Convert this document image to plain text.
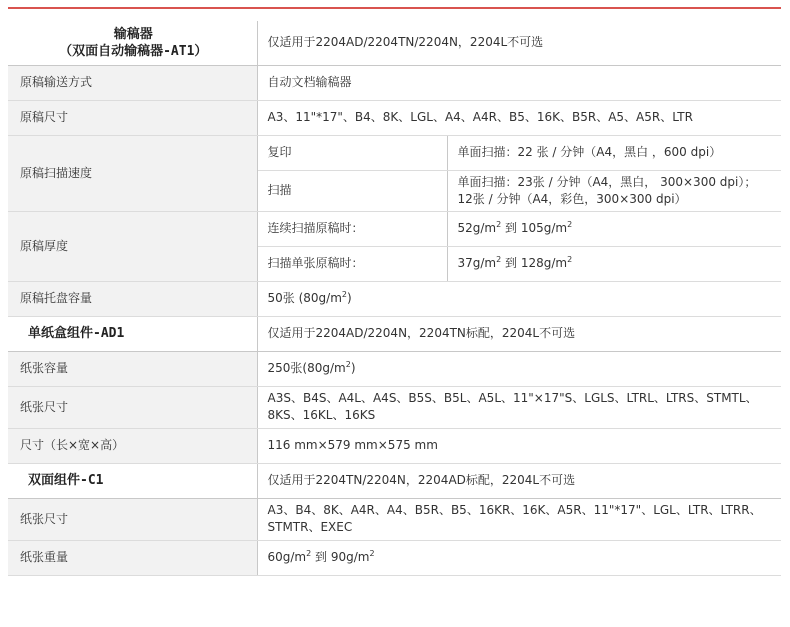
输稿器
（双面自动输稿器-AT1）	仅适用于2204AD/2204TN/2204N，2204L不可选	
原稿输送方式	自动文档输稿器	
原稿尺寸	A3、11"*17"、B4、8K、LGL、A4、A4R、B5、16K、B5R、A5、A5R、LTR	
原稿扫描速度	复印	单面扫描：22 张 / 分钟（A4，黑白 ，600 dpi）
	扫描	单面扫描：23张 / 分钟（A4，黑白， 300×300 dpi）；12张 / 分钟（A4，彩色，300×300 dpi）
原稿厚度	连续扫描原稿时：	$52g/m^2$ 到 $105g/m^2$
	扫描单张原稿时：	$37g/m^2$ 到 $128g/m^2$
原稿托盘容量	50张 $(80g/m^2)$	
单纸盒组件-AD1	仅适用于2204AD/2204N，2204TN标配，2204L不可选	
纸张容量	250张$(80g/m^2)$	
纸张尺寸	A3S、B4S、A4L、A4S、B5S、B5L、A5L、11"×17"S、LGLS、LTRL、LTRS、STMTL、8KS、16KL、16KS	
尺寸（长×宽×高）	116 mm×579 mm×575 mm	
双面组件-C1	仅适用于2204TN/2204N，2204AD标配，2204L不可选	
纸张尺寸	A3、B4、8K、A4R、A4、B5R、B5、16KR、16K、A5R、11"*17"、LGL、LTR、LTRR、STMTR、EXEC	
纸张重量	$60g/m^2$ 到 $90g/m^2$
